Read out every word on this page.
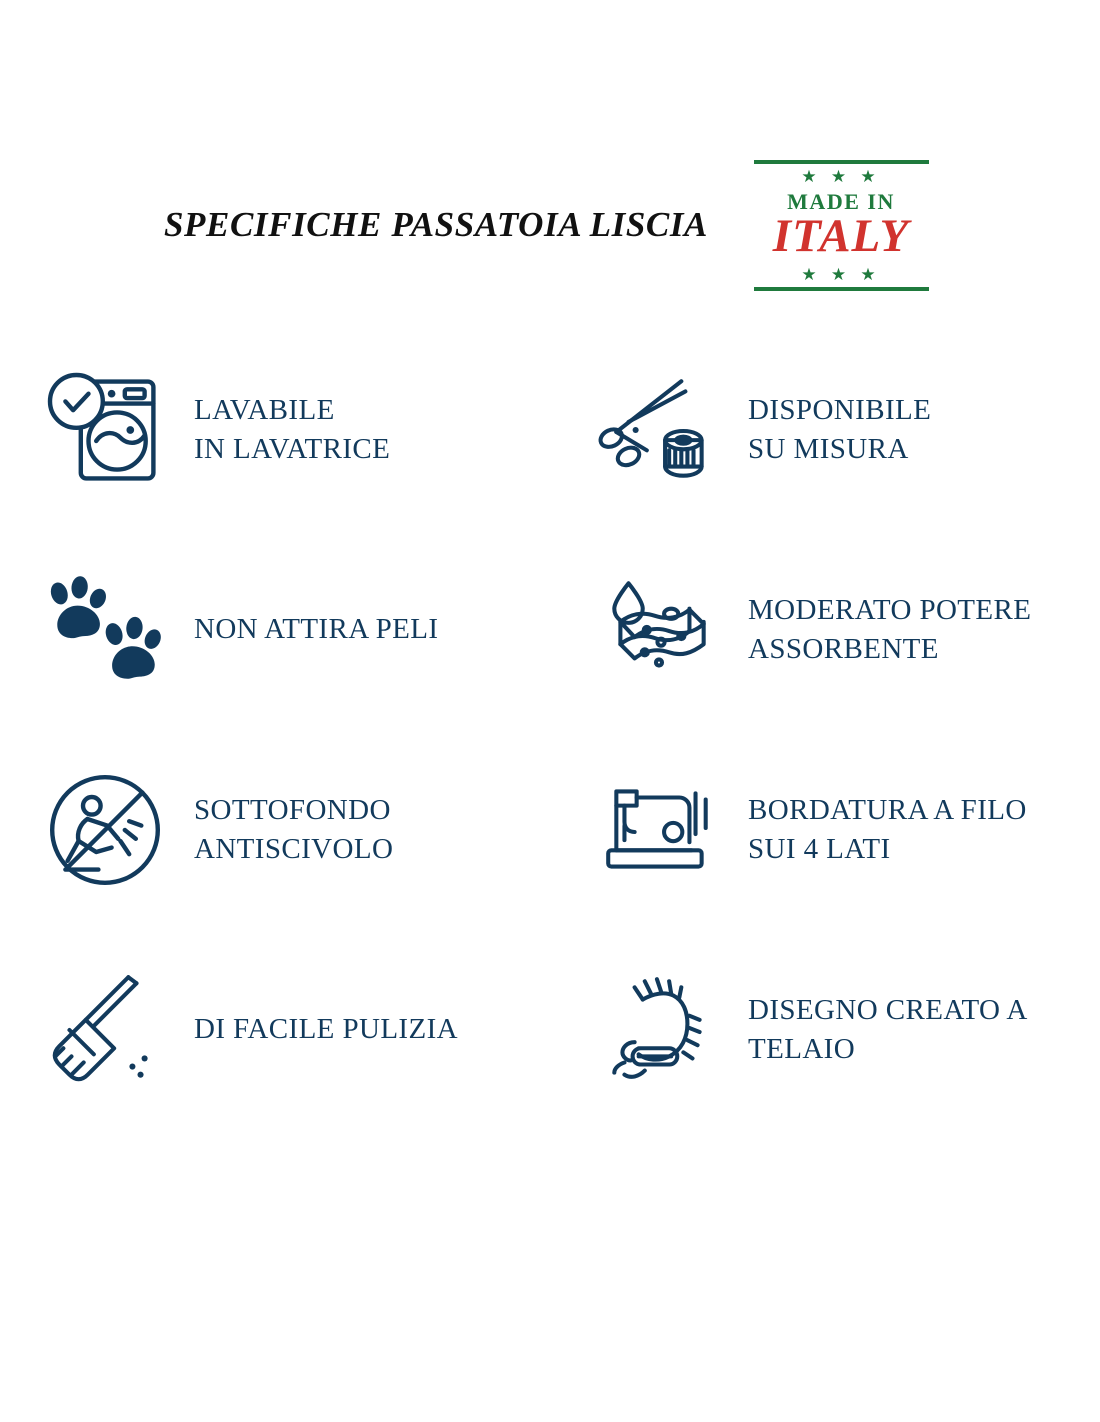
SPECIFICHE PASSATOIA LISCIA
★ ★ ★
MADE IN
ITALY
★ ★ ★
LAVABILE
IN LAVATRICE
DISPONIBILE
SU MISURA
NON ATTIRA PELI
MODERATO POTERE
ASSORBENTE
SOTTOFONDO
ANTISCIVOLO
BORDATURA A FILO
SUI 4 LATI
DI FACILE PULIZIA
DISEGNO CREATO A
TELAIO
